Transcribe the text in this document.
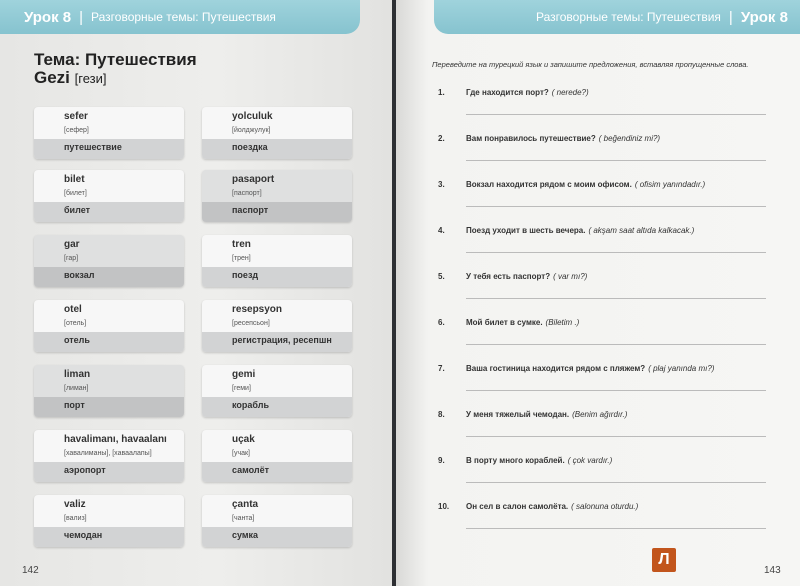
Урок 8 | Разговорные темы: Путешествия
Тема: Путешествия
Gezi [гези]
sefer
[сефер]
путешествие
yolculuk
[йолджулук]
поездка
bilet
[билет]
билет
pasaport
[паспорт]
паспорт
gar
[гар]
вокзал
tren
[трен]
поезд
otel
[отель]
отель
resepsyon
[ресепсьон]
регистрация, ресепшн
liman
[лиман]
порт
gemi
[геми]
корабль
havalimanı, havaalanı
[хавалиманы], [хаваалапы]
аэропорт
uçak
[учак]
самолёт
valiz
[вализ]
чемодан
çanta
[чанта]
сумка
142
Разговорные темы: Путешествия | Урок 8
Переведите на турецкий язык и запишите предложения, вставляя пропущенные слова.
1.	Где находится порт? ( nerede?)
2.	Вам понравилось путешествие? ( beğendiniz mi?)
3.	Вокзал находится рядом с моим офисом. ( ofisim yanındadır.)
4.	Поезд уходит в шесть вечера. ( akşam saat altıda kalkacak.)
5.	У тебя есть паспорт? ( var mı?)
6.	Мой билет в сумке. (Biletim .)
7.	Ваша гостиница находится рядом с пляжем? ( plaj yanında mı?)
8.	У меня тяжелый чемодан. (Benim ağırdır.)
9.	В порту много кораблей. ( çok vardır.)
10. Он сел в салон самолёта. ( salonuna oturdu.)
Л
143
